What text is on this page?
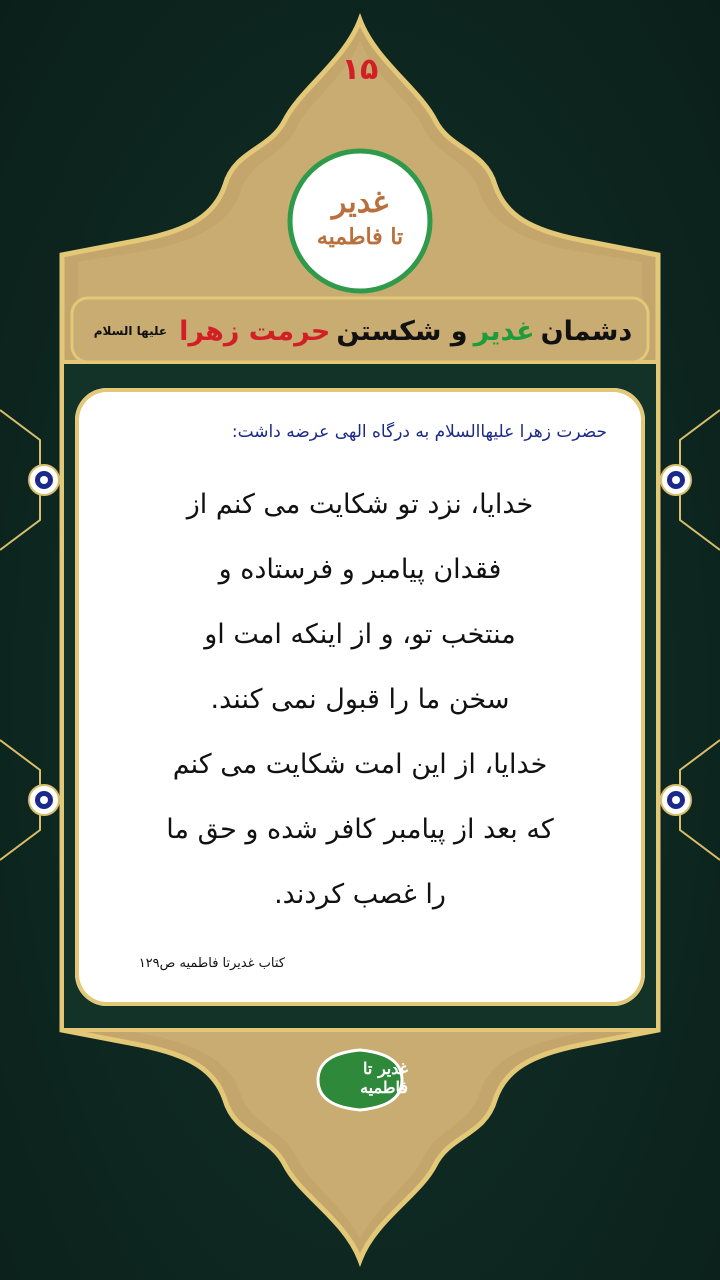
۱۵
غدیر
تا فاطمیه
دشمان
غدیر
و شکستن
حرمت زهرا
علیها السلام
حضرت زهرا علیهاالسلام به درگاه الهی عرضه داشت:
خدایا، نزد تو شکایت می کنم از
فقدان پیامبر و فرستاده و
منتخب تو، و از اینکه امت او
سخن ما را قبول نمی کنند.
خدایا، از این امت شکایت می کنم
که بعد از پیامبر کافر شده و حق ما
را غصب کردند.
کتاب غدیرتا فاطمیه ص۱۲۹
غدیر تا فاطمیه
